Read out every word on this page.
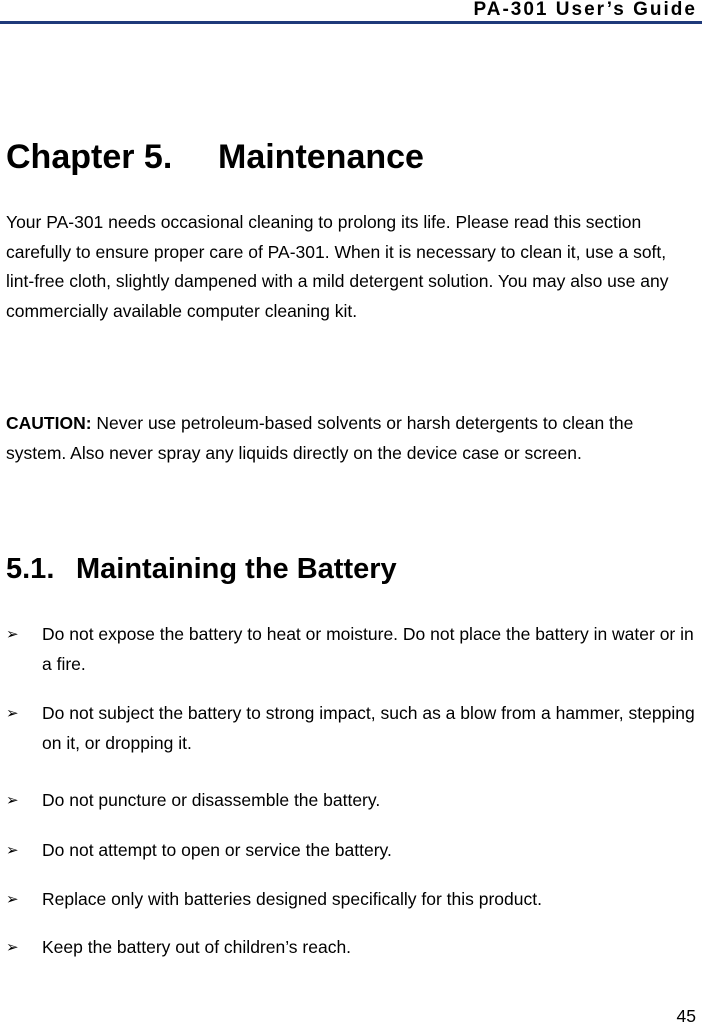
PA-301 User’s Guide
Chapter 5. Maintenance

Your PA-301 needs occasional cleaning to prolong its life. Please read this section carefully to ensure proper care of PA-301. When it is necessary to clean it, use a soft, lint-free cloth, slightly dampened with a mild detergent solution. You may also use any commercially available computer cleaning kit.

CAUTION: Never use petroleum-based solvents or harsh detergents to clean the system. Also never spray any liquids directly on the device case or screen.

5.1. Maintaining the Battery
➢	Do not expose the battery to heat or moisture. Do not place the battery in water or in a fire.
➢	Do not subject the battery to strong impact, such as a blow from a hammer, stepping on it, or dropping it.
➢	Do not puncture or disassemble the battery.
➢	Do not attempt to open or service the battery.
➢	Replace only with batteries designed specifically for this product.
➢	Keep the battery out of children’s reach.
45
